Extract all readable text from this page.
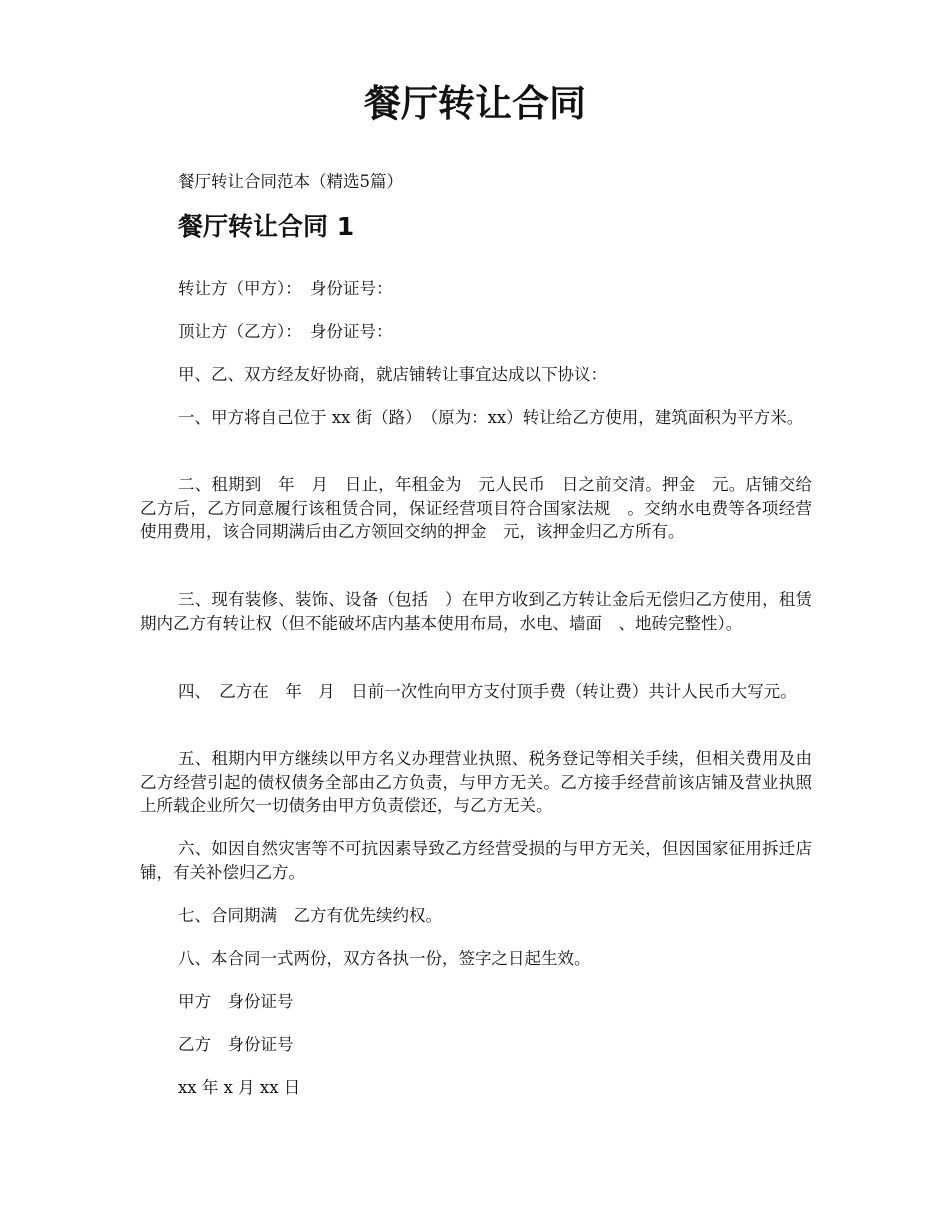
餐厅转让合同
餐厅转让合同范本（精选5篇）
餐厅转让合同 1
转让方（甲方）：　身份证号：
顶让方（乙方）：　身份证号：
甲、乙、双方经友好协商，就店铺转让事宜达成以下协议：
一、甲方将自己位于 xx 街（路）　（原为：xx）转让给乙方使用，建筑面积为平方米。
二、租期到　年　月　日止，年租金为　元人民币　日之前交清。押金　元。店铺交给乙方后，乙方同意履行该租赁合同，保证经营项目符合国家法规　。交纳水电费等各项经营使用费用，该合同期满后由乙方领回交纳的押金　元，该押金归乙方所有。
三、现有装修、装饰、设备（包括　）在甲方收到乙方转让金后无偿归乙方使用，租赁期内乙方有转让权（但不能破坏店内基本使用布局，水电、墙面　、地砖完整性）。
四、　乙方在　年　月　日前一次性向甲方支付顶手费（转让费）共计人民币大写元。
五、租期内甲方继续以甲方名义办理营业执照、税务登记等相关手续，但相关费用及由乙方经营引起的债权债务全部由乙方负责，与甲方无关。乙方接手经营前该店铺及营业执照上所载企业所欠一切债务由甲方负责偿还，与乙方无关。
六、如因自然灾害等不可抗因素导致乙方经营受损的与甲方无关，但因国家征用拆迁店铺，有关补偿归乙方。
七、合同期满　乙方有优先续约权。
八、本合同一式两份，双方各执一份，签字之日起生效。
甲方　身份证号
乙方　身份证号
xx 年 x 月 xx 日
